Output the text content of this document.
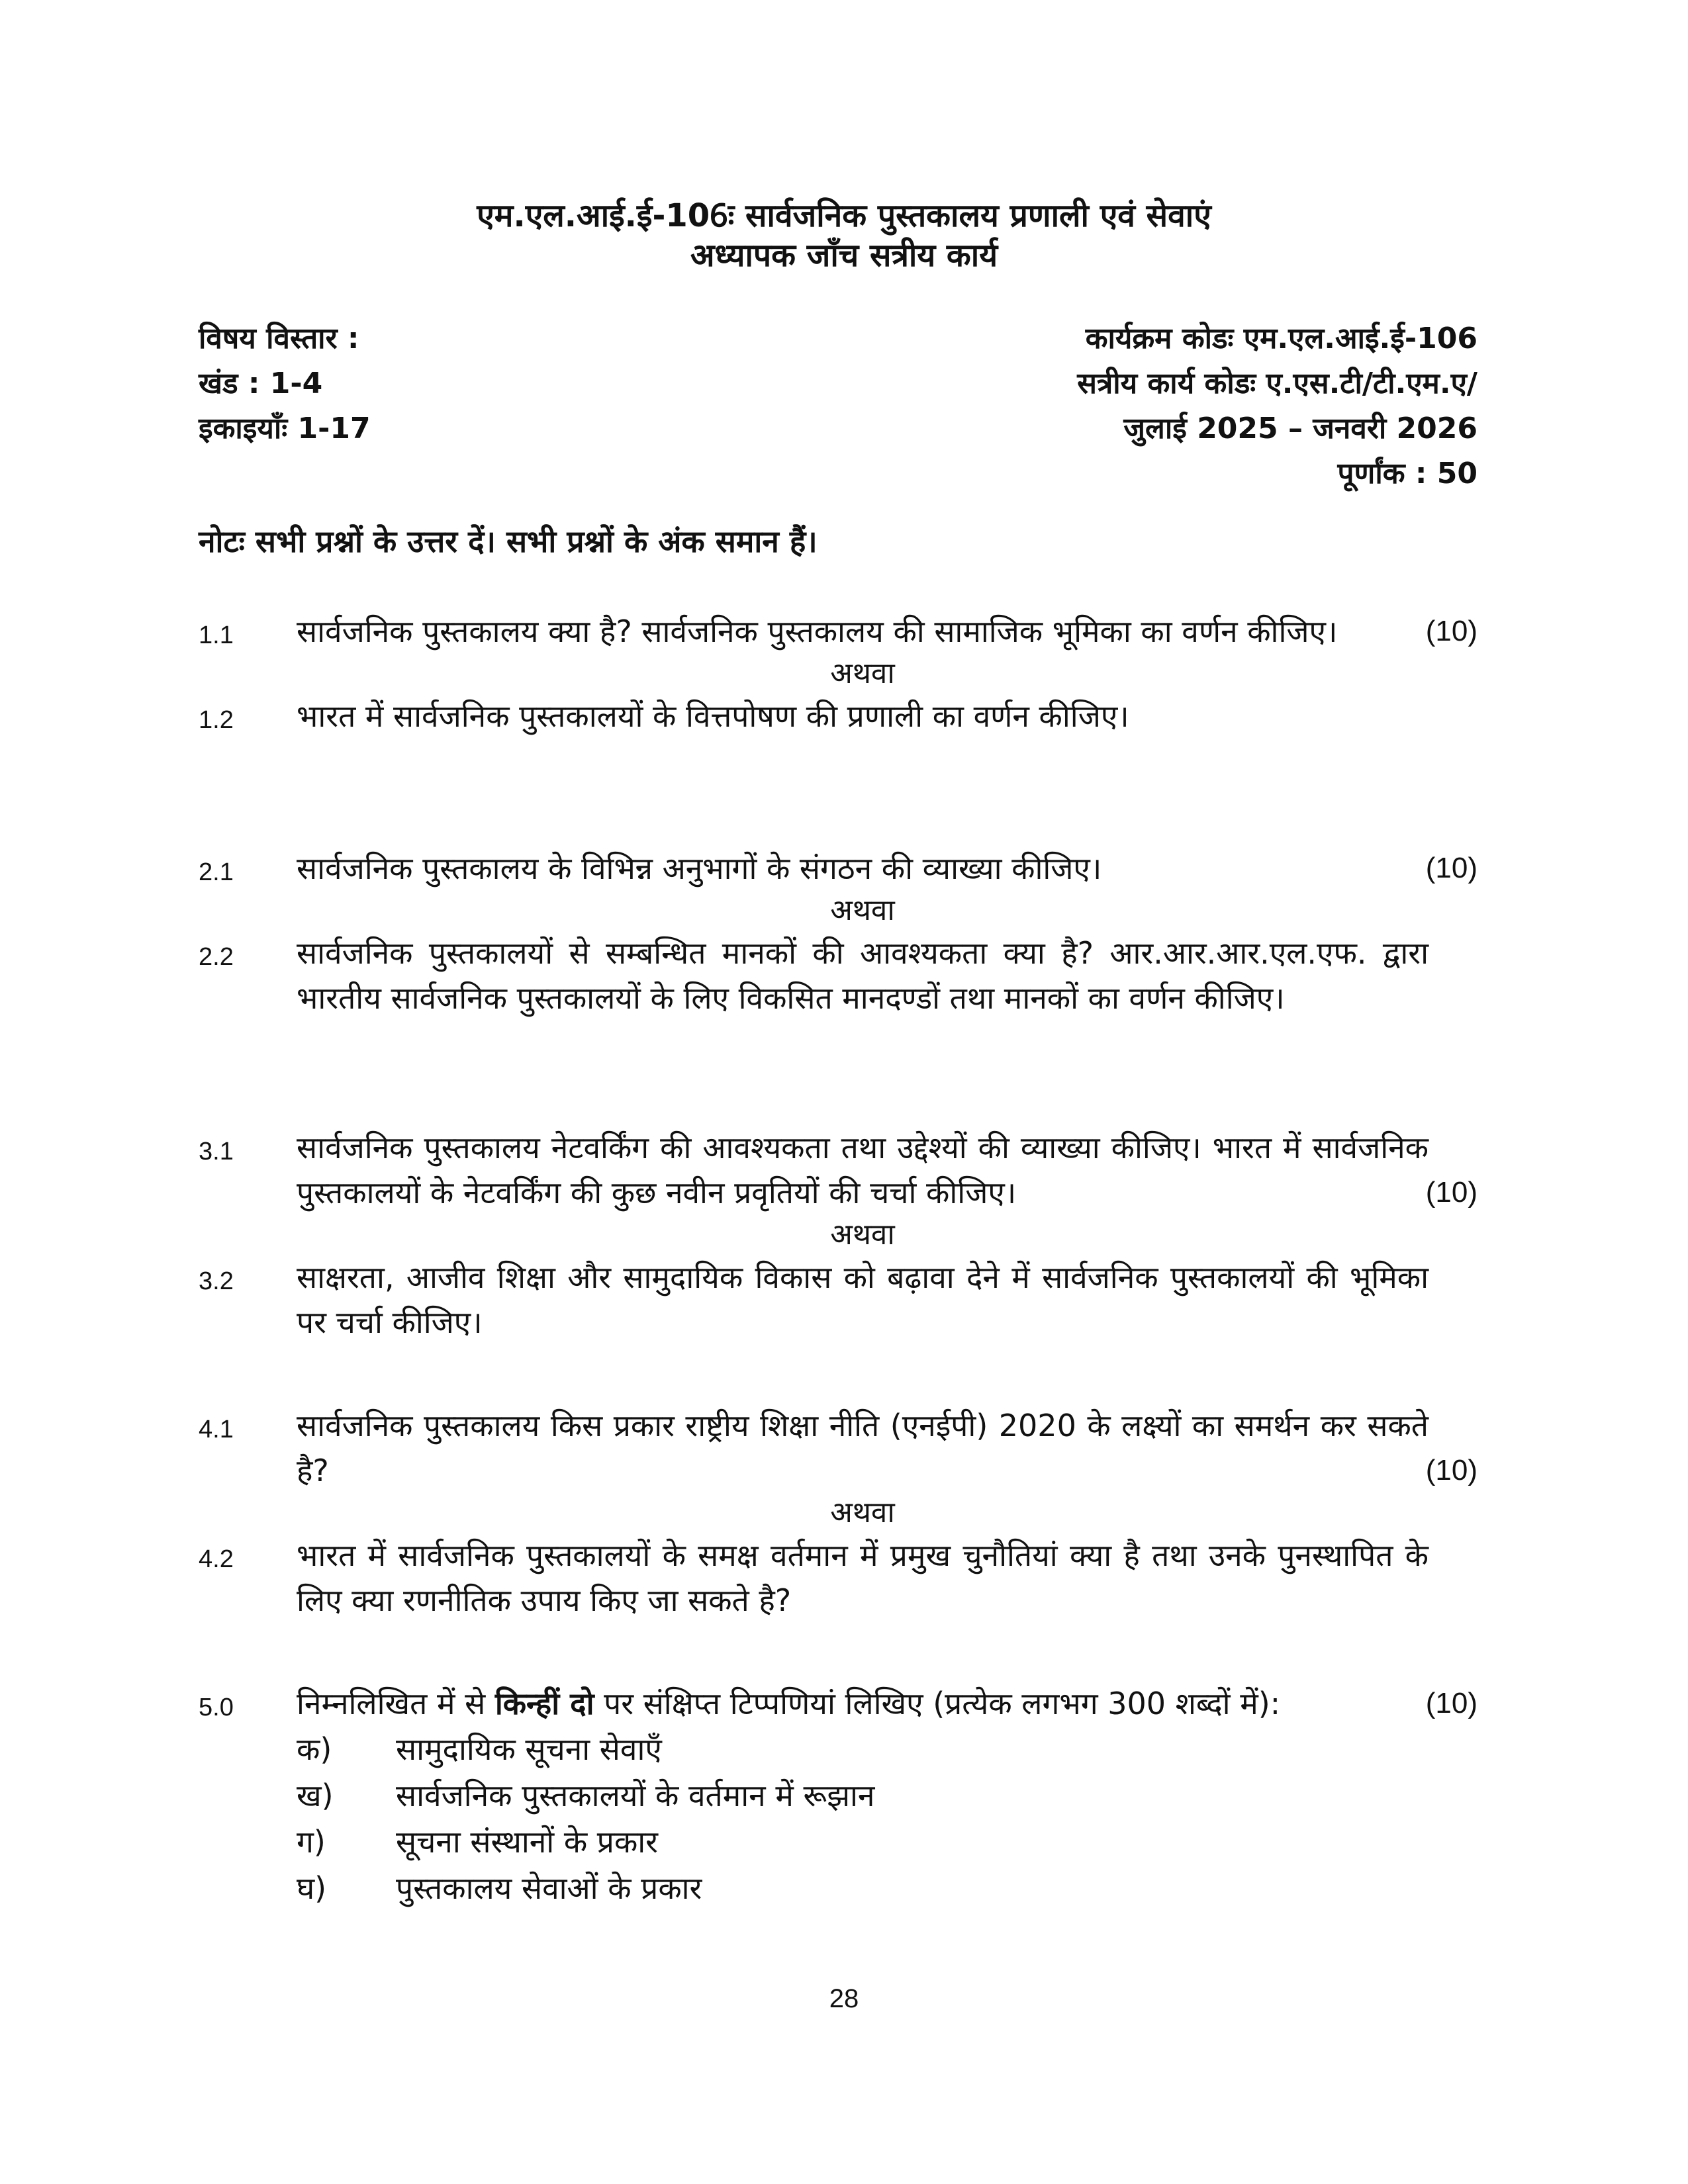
एम.एल.आई.ई-106ः सार्वजनिक पुस्तकालय प्रणाली एवं सेवाएं
अध्यापक जाँच सत्रीय कार्य
विषय विस्तार :
खंड : 1-4
इकाइयाँः 1-17
कार्यक्रम कोडः एम.एल.आई.ई-106
सत्रीय कार्य कोडः ए.एस.टी/टी.एम.ए/
जुलाई 2025 – जनवरी 2026
पूर्णांक : 50
नोटः सभी प्रश्नों के उत्तर दें। सभी प्रश्नों के अंक समान हैं।
1.1 सार्वजनिक पुस्तकालय क्या है? सार्वजनिक पुस्तकालय की सामाजिक भूमिका का वर्णन कीजिए।	(10)
अथवा
1.2 भारत में सार्वजनिक पुस्तकालयों के वित्तपोषण की प्रणाली का वर्णन कीजिए।
2.1 सार्वजनिक पुस्तकालय के विभिन्न अनुभागों के संगठन की व्याख्या कीजिए।	(10)
अथवा
2.2 सार्वजनिक पुस्तकालयों से सम्बन्धित मानकों की आवश्यकता क्या है? आर.आर.आर.एल.एफ. द्वारा भारतीय सार्वजनिक पुस्तकालयों के लिए विकसित मानदण्डों तथा मानकों का वर्णन कीजिए।
3.1 सार्वजनिक पुस्तकालय नेटवर्किंग की आवश्यकता तथा उद्देश्यों की व्याख्या कीजिए। भारत में सार्वजनिक पुस्तकालयों के नेटवर्किंग की कुछ नवीन प्रवृतियों की चर्चा कीजिए।	(10)
अथवा
3.2 साक्षरता, आजीव शिक्षा और सामुदायिक विकास को बढ़ावा देने में सार्वजनिक पुस्तकालयों की भूमिका पर चर्चा कीजिए।
4.1 सार्वजनिक पुस्तकालय किस प्रकार राष्ट्रीय शिक्षा नीति (एनईपी) 2020 के लक्ष्यों का समर्थन कर सकते है?	(10)
अथवा
4.2 भारत में सार्वजनिक पुस्तकालयों के समक्ष वर्तमान में प्रमुख चुनौतियां क्या है तथा उनके पुनस्थापित के लिए क्या रणनीतिक उपाय किए जा सकते है?
5.0 निम्नलिखित में से किन्हीं दो पर संक्षिप्त टिप्पणियां लिखिए (प्रत्येक लगभग 300 शब्दों में):	(10)
क) सामुदायिक सूचना सेवाएँ
ख) सार्वजनिक पुस्तकालयों के वर्तमान में रूझान
ग) सूचना संस्थानों के प्रकार
घ) पुस्तकालय सेवाओं के प्रकार
28
